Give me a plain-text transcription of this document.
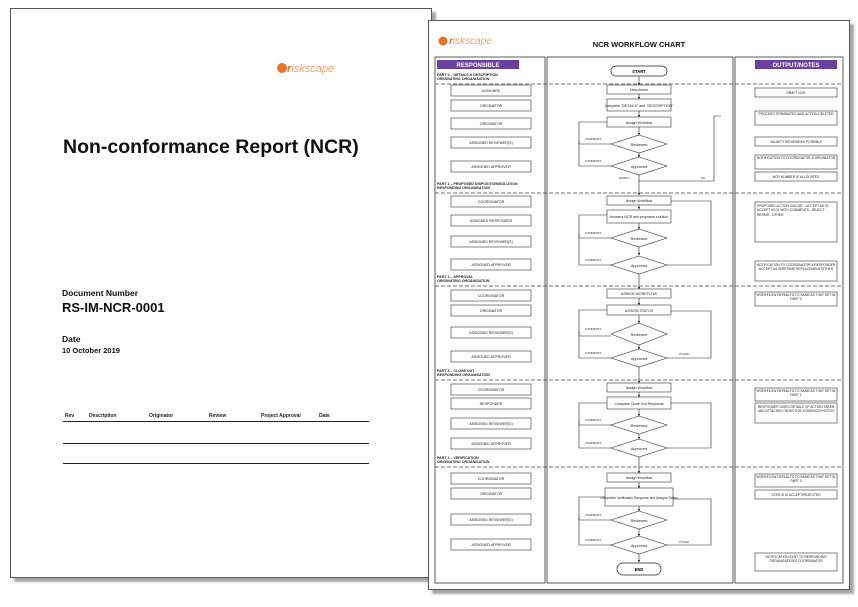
riskscape
Non-conformance Report (NCR)
Document Number
RS-IM-NCR-0001
Date
10 October 2019
Rev	Description	Originator	Review	Project Approval	Date
riskscape	NCR WORKFLOW CHART
RESPONSIBLE	OUTPUT/NOTES
PART 0 – DETAILS & DESCRIPTION
ORIGINATING ORGANISATION
PART 1 – PROPOSED DISPOSITION/SOLUTION
RESPONDING ORGANISATION
PART 2 – APPROVAL
ORIGINATING ORGANISATION
PART 3 – CLOSE OUT
RESPONDING ORGANISATION
PART 4 – VERIFICATION
ORIGINATING ORGANISATION
ASSIGNEE
ORIGINATOR
ORIGINATOR
ASSIGNED REVIEWER(S)
ASSIGNED APPROVER
COORDINATOR
ASSIGNED RESPONDER
ASSIGNED REVIEWER(S)
ASSIGNED APPROVER
COORDINATOR
ORIGINATOR
ASSIGNED REVIEWER(S)
ASSIGNED APPROVER
COORDINATOR
RESPONDER
ASSIGNED REVIEWER(S)
ASSIGNED APPROVER
COORDINATOR
ORIGINATOR
ASSIGNED REVIEWER(S)
ASSIGNED APPROVER
START
END
New Action
Complete "DETAILS" and "DESCRIPTION"
Assign Workflow
Assign Workflow
Answers NCR and proposes solution
ASSIGN WORKFLOW
ASSIGN STATUS
Assign Workflow
Complete Close Out Response
Assign Workflow
Completes Verification Response and Assigns Status
Reviewed
Approved
Reviewed
Approved
Reviewed
Approved
Reviewed
Approved
Reviewed
Approved
COMMENTS
COMMENTS
COMMENTS
COMMENTS
COMMENTS
COMMENTS
COMMENTS
COMMENTS
COMMENTS
COMMENTS
REJECT	NO
OTHER
OTHER
DRAFT NCR
PROCESS TERMINATED AND ACTION DELETED
VALIDITY REVIEWERS POSSIBLE
NOTIFICATION TO COORDINATOR & ORIGINATOR
NCR NUMBER IS ALLOCATED
PROPOSED ACTION CAN BE: - ACCEPT AS IS - ACCEPT AS IS WITH COMMENTS - REJECT - REPAIR - OTHER
NOTIFICATION TO COORDINATOR & RESPONDER ACCEPT AS IS/REPAIR/ REPLACEMENT/OTHER
WORKFLOW DEFAULTS TO SAME AS THAT SET IN PART 0
WORKFLOW DEFAULTS TO SAME AS THAT SET IN PART 1
RESPONDER GIVES DETAILS OF ACTION TAKEN AND ATTACHES OBJECTIVE EVIDENCE/PHOTOS
WORKFLOW DEFAULTS TO SAME AS THAT SET IN PART 0
STATUS IS ACCEPT/REJECTED
NOTIFICATION SENT TO RESPONDING ORGANISATION'S COORDINATOR
